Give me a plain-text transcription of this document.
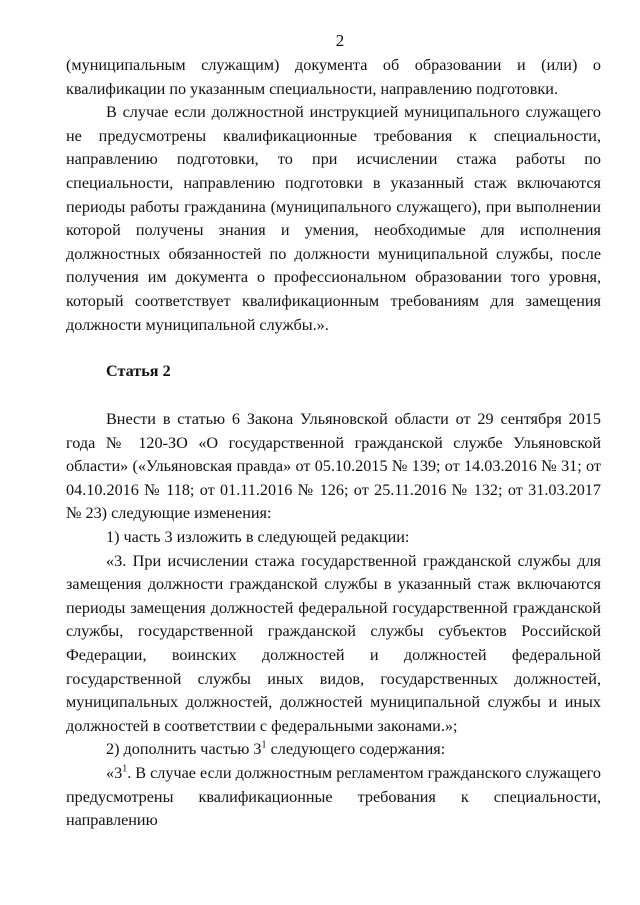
2

(муниципальным служащим) документа об образовании и (или) о квалификации по указанным специальности, направлению подготовки.

В случае если должностной инструкцией муниципального служащего не предусмотрены квалификационные требования к специальности, направлению подготовки, то при исчислении стажа работы по специальности, направлению подготовки в указанный стаж включаются периоды работы гражданина (муниципального служащего), при выполнении которой получены знания и умения, необходимые для исполнения должностных обязанностей по должности муниципальной службы, после получения им документа о профессиональном образовании того уровня, который соответствует квалификационным требованиям для замещения должности муниципальной службы.».

Статья 2

Внести в статью 6 Закона Ульяновской области от 29 сентября 2015 года № 120-ЗО «О государственной гражданской службе Ульяновской области» («Ульяновская правда» от 05.10.2015 № 139; от 14.03.2016 № 31; от 04.10.2016 № 118; от 01.11.2016 № 126; от 25.11.2016 № 132; от 31.03.2017 № 23) следующие изменения:

1) часть 3 изложить в следующей редакции:

«3. При исчислении стажа государственной гражданской службы для замещения должности гражданской службы в указанный стаж включаются периоды замещения должностей федеральной государственной гражданской службы, государственной гражданской службы субъектов Российской Федерации, воинских должностей и должностей федеральной государственной службы иных видов, государственных должностей, муниципальных должностей, должностей муниципальной службы и иных должностей в соответствии с федеральными законами.»;

2) дополнить частью $3^1$ следующего содержания:

«$3^1$. В случае если должностным регламентом гражданского служащего предусмотрены квалификационные требования к специальности, направлению
